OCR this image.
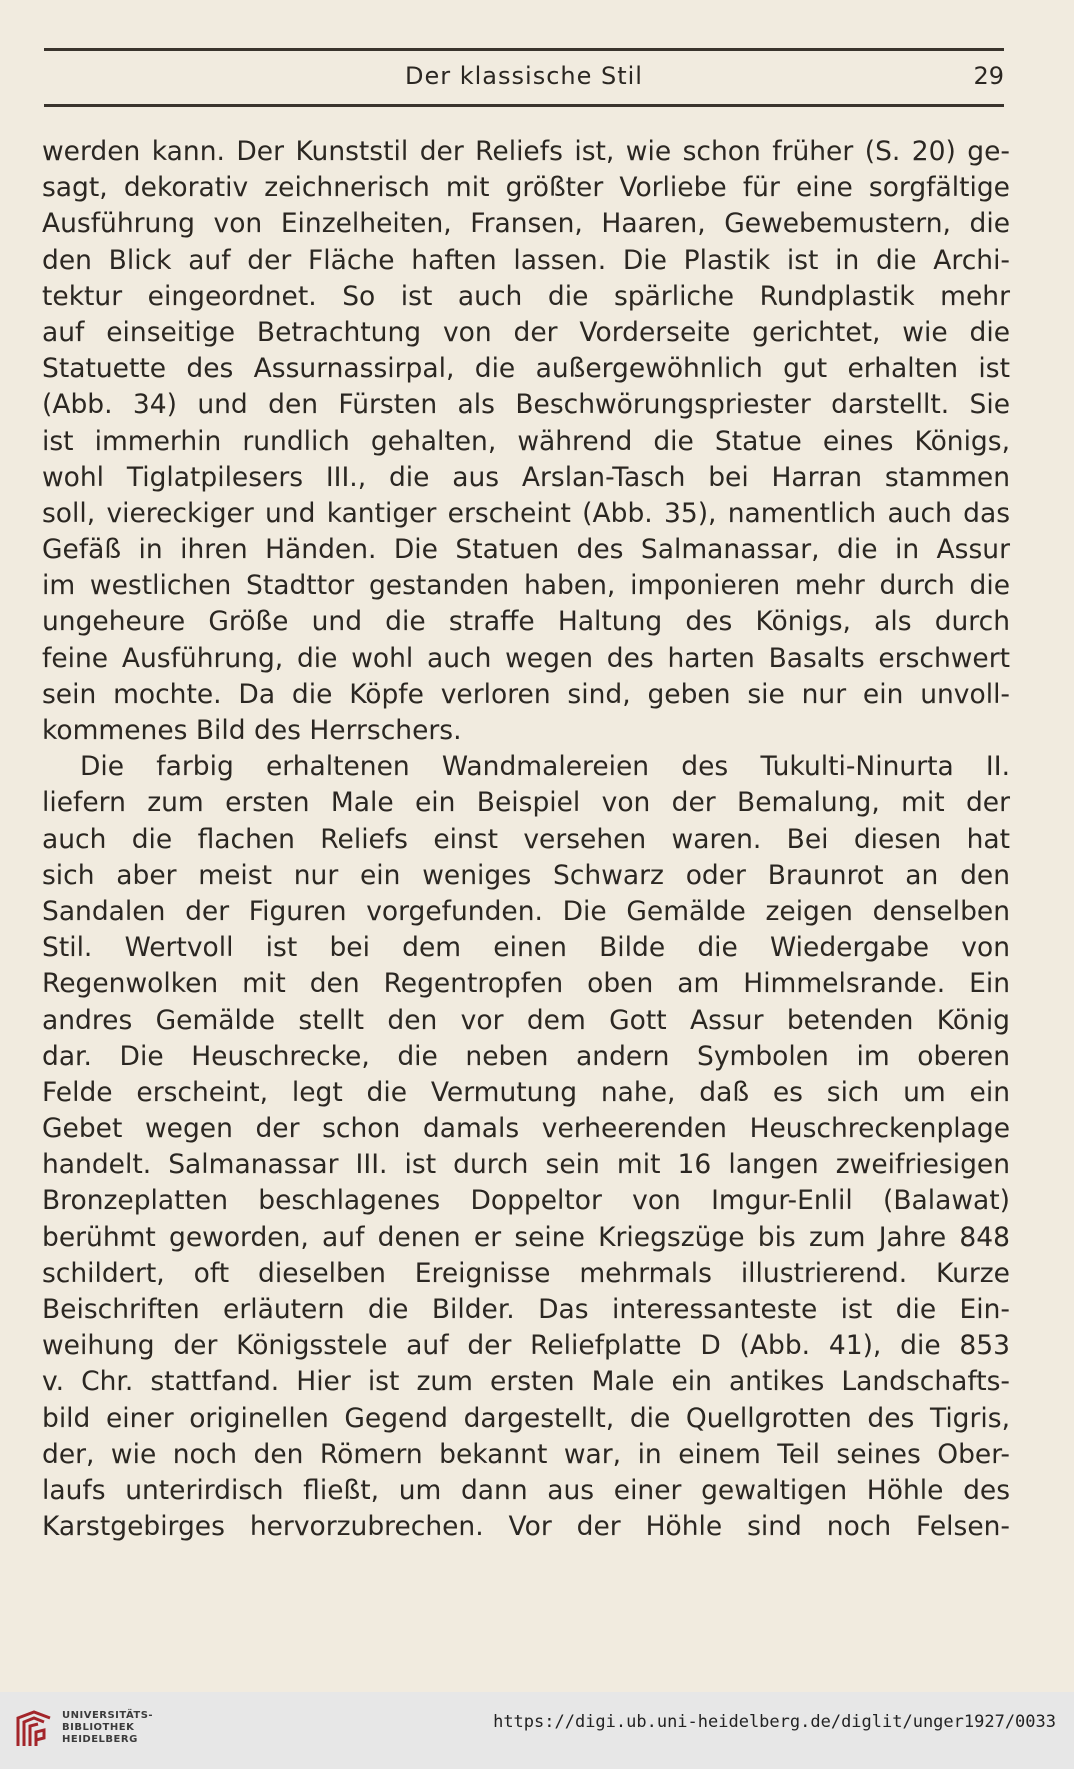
Der klassische Stil	29
werden kann. Der Kunststil der Reliefs ist, wie schon früher (S. 20) ge-
sagt, dekorativ zeichnerisch mit größter Vorliebe für eine sorgfältige
Ausführung von Einzelheiten, Fransen, Haaren, Gewebemustern, die
den Blick auf der Fläche haften lassen. Die Plastik ist in die Archi-
tektur eingeordnet. So ist auch die spärliche Rundplastik mehr
auf einseitige Betrachtung von der Vorderseite gerichtet, wie die
Statuette des Assurnassirpal, die außergewöhnlich gut erhalten ist
(Abb. 34) und den Fürsten als Beschwörungspriester darstellt. Sie
ist immerhin rundlich gehalten, während die Statue eines Königs,
wohl Tiglatpilesers III., die aus Arslan-Tasch bei Harran stammen
soll, viereckiger und kantiger erscheint (Abb. 35), namentlich auch das
Gefäß in ihren Händen. Die Statuen des Salmanassar, die in Assur
im westlichen Stadttor gestanden haben, imponieren mehr durch die
ungeheure Größe und die straffe Haltung des Königs, als durch
feine Ausführung, die wohl auch wegen des harten Basalts erschwert
sein mochte. Da die Köpfe verloren sind, geben sie nur ein unvoll-
kommenes Bild des Herrschers.
Die farbig erhaltenen Wandmalereien des Tukulti-Ninurta II.
liefern zum ersten Male ein Beispiel von der Bemalung, mit der
auch die flachen Reliefs einst versehen waren. Bei diesen hat
sich aber meist nur ein weniges Schwarz oder Braunrot an den
Sandalen der Figuren vorgefunden. Die Gemälde zeigen denselben
Stil. Wertvoll ist bei dem einen Bilde die Wiedergabe von
Regenwolken mit den Regentropfen oben am Himmelsrande. Ein
andres Gemälde stellt den vor dem Gott Assur betenden König
dar. Die Heuschrecke, die neben andern Symbolen im oberen
Felde erscheint, legt die Vermutung nahe, daß es sich um ein
Gebet wegen der schon damals verheerenden Heuschreckenplage
handelt. Salmanassar III. ist durch sein mit 16 langen zweifriesigen
Bronzeplatten beschlagenes Doppeltor von Imgur-Enlil (Balawat)
berühmt geworden, auf denen er seine Kriegszüge bis zum Jahre 848
schildert, oft dieselben Ereignisse mehrmals illustrierend. Kurze
Beischriften erläutern die Bilder. Das interessanteste ist die Ein-
weihung der Königsstele auf der Reliefplatte D (Abb. 41), die 853
v. Chr. stattfand. Hier ist zum ersten Male ein antikes Landschafts-
bild einer originellen Gegend dargestellt, die Quellgrotten des Tigris,
der, wie noch den Römern bekannt war, in einem Teil seines Ober-
laufs unterirdisch fließt, um dann aus einer gewaltigen Höhle des
Karstgebirges hervorzubrechen. Vor der Höhle sind noch Felsen-
UNIVERSITÄTS-
BIBLIOTHEK
HEIDELBERG
https://digi.ub.uni-heidelberg.de/diglit/unger1927/0033
